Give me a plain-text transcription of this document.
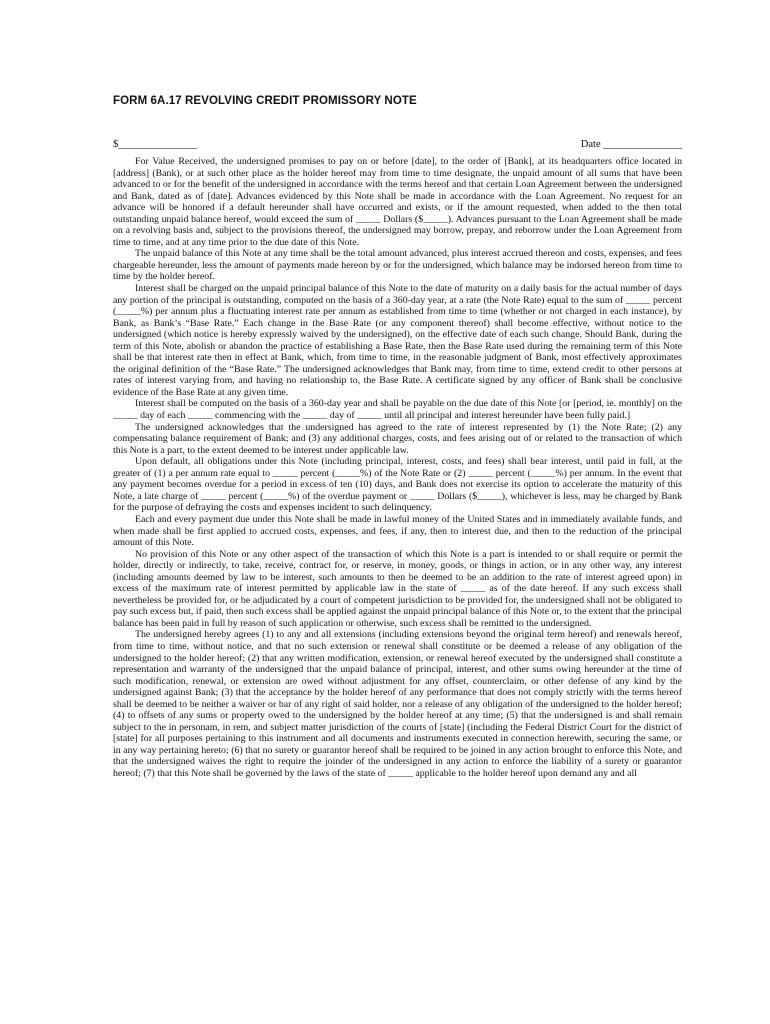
FORM 6A.17 REVOLVING CREDIT PROMISSORY NOTE
$_______________	Date _______________

For Value Received, the undersigned promises to pay on or before [date], to the order of [Bank], at its headquarters office located in [address] (Bank), or at such other place as the holder hereof may from time to time designate, the unpaid amount of all sums that have been advanced to or for the benefit of the undersigned in accordance with the terms hereof and that certain Loan Agreement between the undersigned and Bank, dated as of [date]. Advances evidenced by this Note shall be made in accordance with the Loan Agreement. No request for an advance will be honored if a default hereunder shall have occurred and exists, or if the amount requested, when added to the then total outstanding unpaid balance hereof, would exceed the sum of _____ Dollars ($_____). Advances pursuant to the Loan Agreement shall be made on a revolving basis and, subject to the provisions thereof, the undersigned may borrow, prepay, and reborrow under the Loan Agreement from time to time, and at any time prior to the due date of this Note.

The unpaid balance of this Note at any time shall be the total amount advanced, plus interest accrued thereon and costs, expenses, and fees chargeable hereunder, less the amount of payments made hereon by or for the undersigned, which balance may be indorsed hereon from time to time by the holder hereof.

Interest shall be charged on the unpaid principal balance of this Note to the date of maturity on a daily basis for the actual number of days any portion of the principal is outstanding, computed on the basis of a 360-day year, at a rate (the Note Rate) equal to the sum of _____ percent (_____%) per annum plus a fluctuating interest rate per annum as established from time to time (whether or not charged in each instance), by Bank, as Bank’s “Base Rate.” Each change in the Base Rate (or any component thereof) shall become effective, without notice to the undersigned (which notice is hereby expressly waived by the undersigned), on the effective date of each such change. Should Bank, during the term of this Note, abolish or abandon the practice of establishing a Base Rate, then the Base Rate used during the remaining term of this Note shall be that interest rate then in effect at Bank, which, from time to time, in the reasonable judgment of Bank, most effectively approximates the original definition of the “Base Rate.” The undersigned acknowledges that Bank may, from time to time, extend credit to other persons at rates of interest varying from, and having no relationship to, the Base Rate. A certificate signed by any officer of Bank shall be conclusive evidence of the Base Rate at any given time.

Interest shall be computed on the basis of a 360-day year and shall be payable on the due date of this Note [or [period, ie. monthly] on the _____ day of each _____ commencing with the _____ day of _____ until all principal and interest hereunder have been fully paid.]

The undersigned acknowledges that the undersigned has agreed to the rate of interest represented by (1) the Note Rate; (2) any compensating balance requirement of Bank; and (3) any additional charges, costs, and fees arising out of or related to the transaction of which this Note is a part, to the extent deemed to be interest under applicable law.

Upon default, all obligations under this Note (including principal, interest, costs, and fees) shall bear interest, until paid in full, at the greater of (1) a per annum rate equal to _____ percent (_____%) of the Note Rate or (2) _____ percent (_____%) per annum. In the event that any payment becomes overdue for a period in excess of ten (10) days, and Bank does not exercise its option to accelerate the maturity of this Note, a late charge of _____ percent (_____%) of the overdue payment or _____ Dollars ($_____), whichever is less, may be charged by Bank for the purpose of defraying the costs and expenses incident to such delinquency.

Each and every payment due under this Note shall be made in lawful money of the United States and in immediately available funds, and when made shall be first applied to accrued costs, expenses, and fees, if any, then to interest due, and then to the reduction of the principal amount of this Note.

No provision of this Note or any other aspect of the transaction of which this Note is a part is intended to or shall require or permit the holder, directly or indirectly, to take, receive, contract for, or reserve, in money, goods, or things in action, or in any other way, any interest (including amounts deemed by law to be interest, such amounts to then be deemed to be an addition to the rate of interest agreed upon) in excess of the maximum rate of interest permitted by applicable law in the state of _____ as of the date hereof. If any such excess shall nevertheless be provided for, or be adjudicated by a court of competent jurisdiction to be provided for, the undersigned shall not be obligated to pay such excess but, if paid, then such excess shall be applied against the unpaid principal balance of this Note or, to the extent that the principal balance has been paid in full by reason of such application or otherwise, such excess shall be remitted to the undersigned.

The undersigned hereby agrees (1) to any and all extensions (including extensions beyond the original term hereof) and renewals hereof, from time to time, without notice, and that no such extension or renewal shall constitute or be deemed a release of any obligation of the undersigned to the holder hereof; (2) that any written modification, extension, or renewal hereof executed by the undersigned shall constitute a representation and warranty of the undersigned that the unpaid balance of principal, interest, and other sums owing hereunder at the time of such modification, renewal, or extension are owed without adjustment for any offset, counterclaim, or other defense of any kind by the undersigned against Bank; (3) that the acceptance by the holder hereof of any performance that does not comply strictly with the terms hereof shall be deemed to be neither a waiver or bar of any right of said holder, nor a release of any obligation of the undersigned to the holder hereof; (4) to offsets of any sums or property owed to the undersigned by the holder hereof at any time; (5) that the undersigned is and shall remain subject to the in personam, in rem, and subject matter jurisdiction of the courts of [state] (including the Federal District Court for the district of [state] for all purposes pertaining to this instrument and all documents and instruments executed in connection herewith, securing the same, or in any way pertaining hereto; (6) that no surety or guarantor hereof shall be required to be joined in any action brought to enforce this Note, and that the undersigned waives the right to require the joinder of the undersigned in any action to enforce the liability of a surety or guarantor hereof; (7) that this Note shall be governed by the laws of the state of _____ applicable to the holder hereof upon demand any and all
